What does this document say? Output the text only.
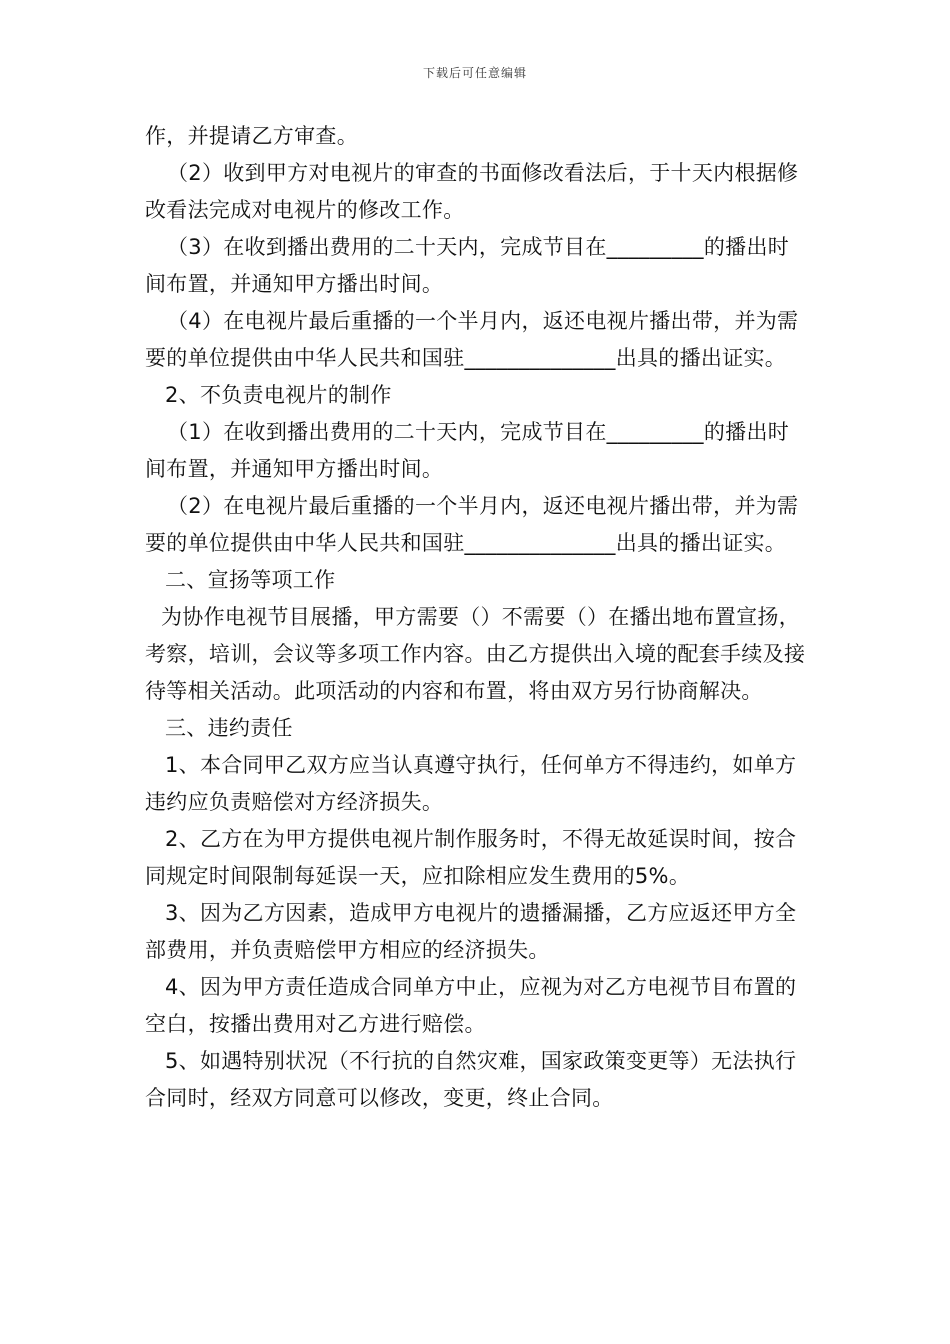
下载后可任意编辑

作，并提请乙方审查。

（2）收到甲方对电视片的审查的书面修改看法后，于十天内根据修改看法完成对电视片的修改工作。

（3）在收到播出费用的二十天内，完成节目在_________的播出时间布置，并通知甲方播出时间。

（4）在电视片最后重播的一个半月内，返还电视片播出带，并为需要的单位提供由中华人民共和国驻______________出具的播出证实。

2、不负责电视片的制作

（1）在收到播出费用的二十天内，完成节目在_________的播出时间布置，并通知甲方播出时间。

（2）在电视片最后重播的一个半月内，返还电视片播出带，并为需要的单位提供由中华人民共和国驻______________出具的播出证实。

二、宣扬等项工作

为协作电视节目展播，甲方需要（）不需要（）在播出地布置宣扬，考察，培训，会议等多项工作内容。由乙方提供出入境的配套手续及接待等相关活动。此项活动的内容和布置，将由双方另行协商解决。

三、违约责任

1、本合同甲乙双方应当认真遵守执行，任何单方不得违约，如单方违约应负责赔偿对方经济损失。

2、乙方在为甲方提供电视片制作服务时，不得无故延误时间，按合同规定时间限制每延误一天，应扣除相应发生费用的5%。

3、因为乙方因素，造成甲方电视片的遗播漏播，乙方应返还甲方全部费用，并负责赔偿甲方相应的经济损失。

4、因为甲方责任造成合同单方中止，应视为对乙方电视节目布置的空白，按播出费用对乙方进行赔偿。

5、如遇特别状况（不行抗的自然灾难，国家政策变更等）无法执行合同时，经双方同意可以修改，变更，终止合同。
